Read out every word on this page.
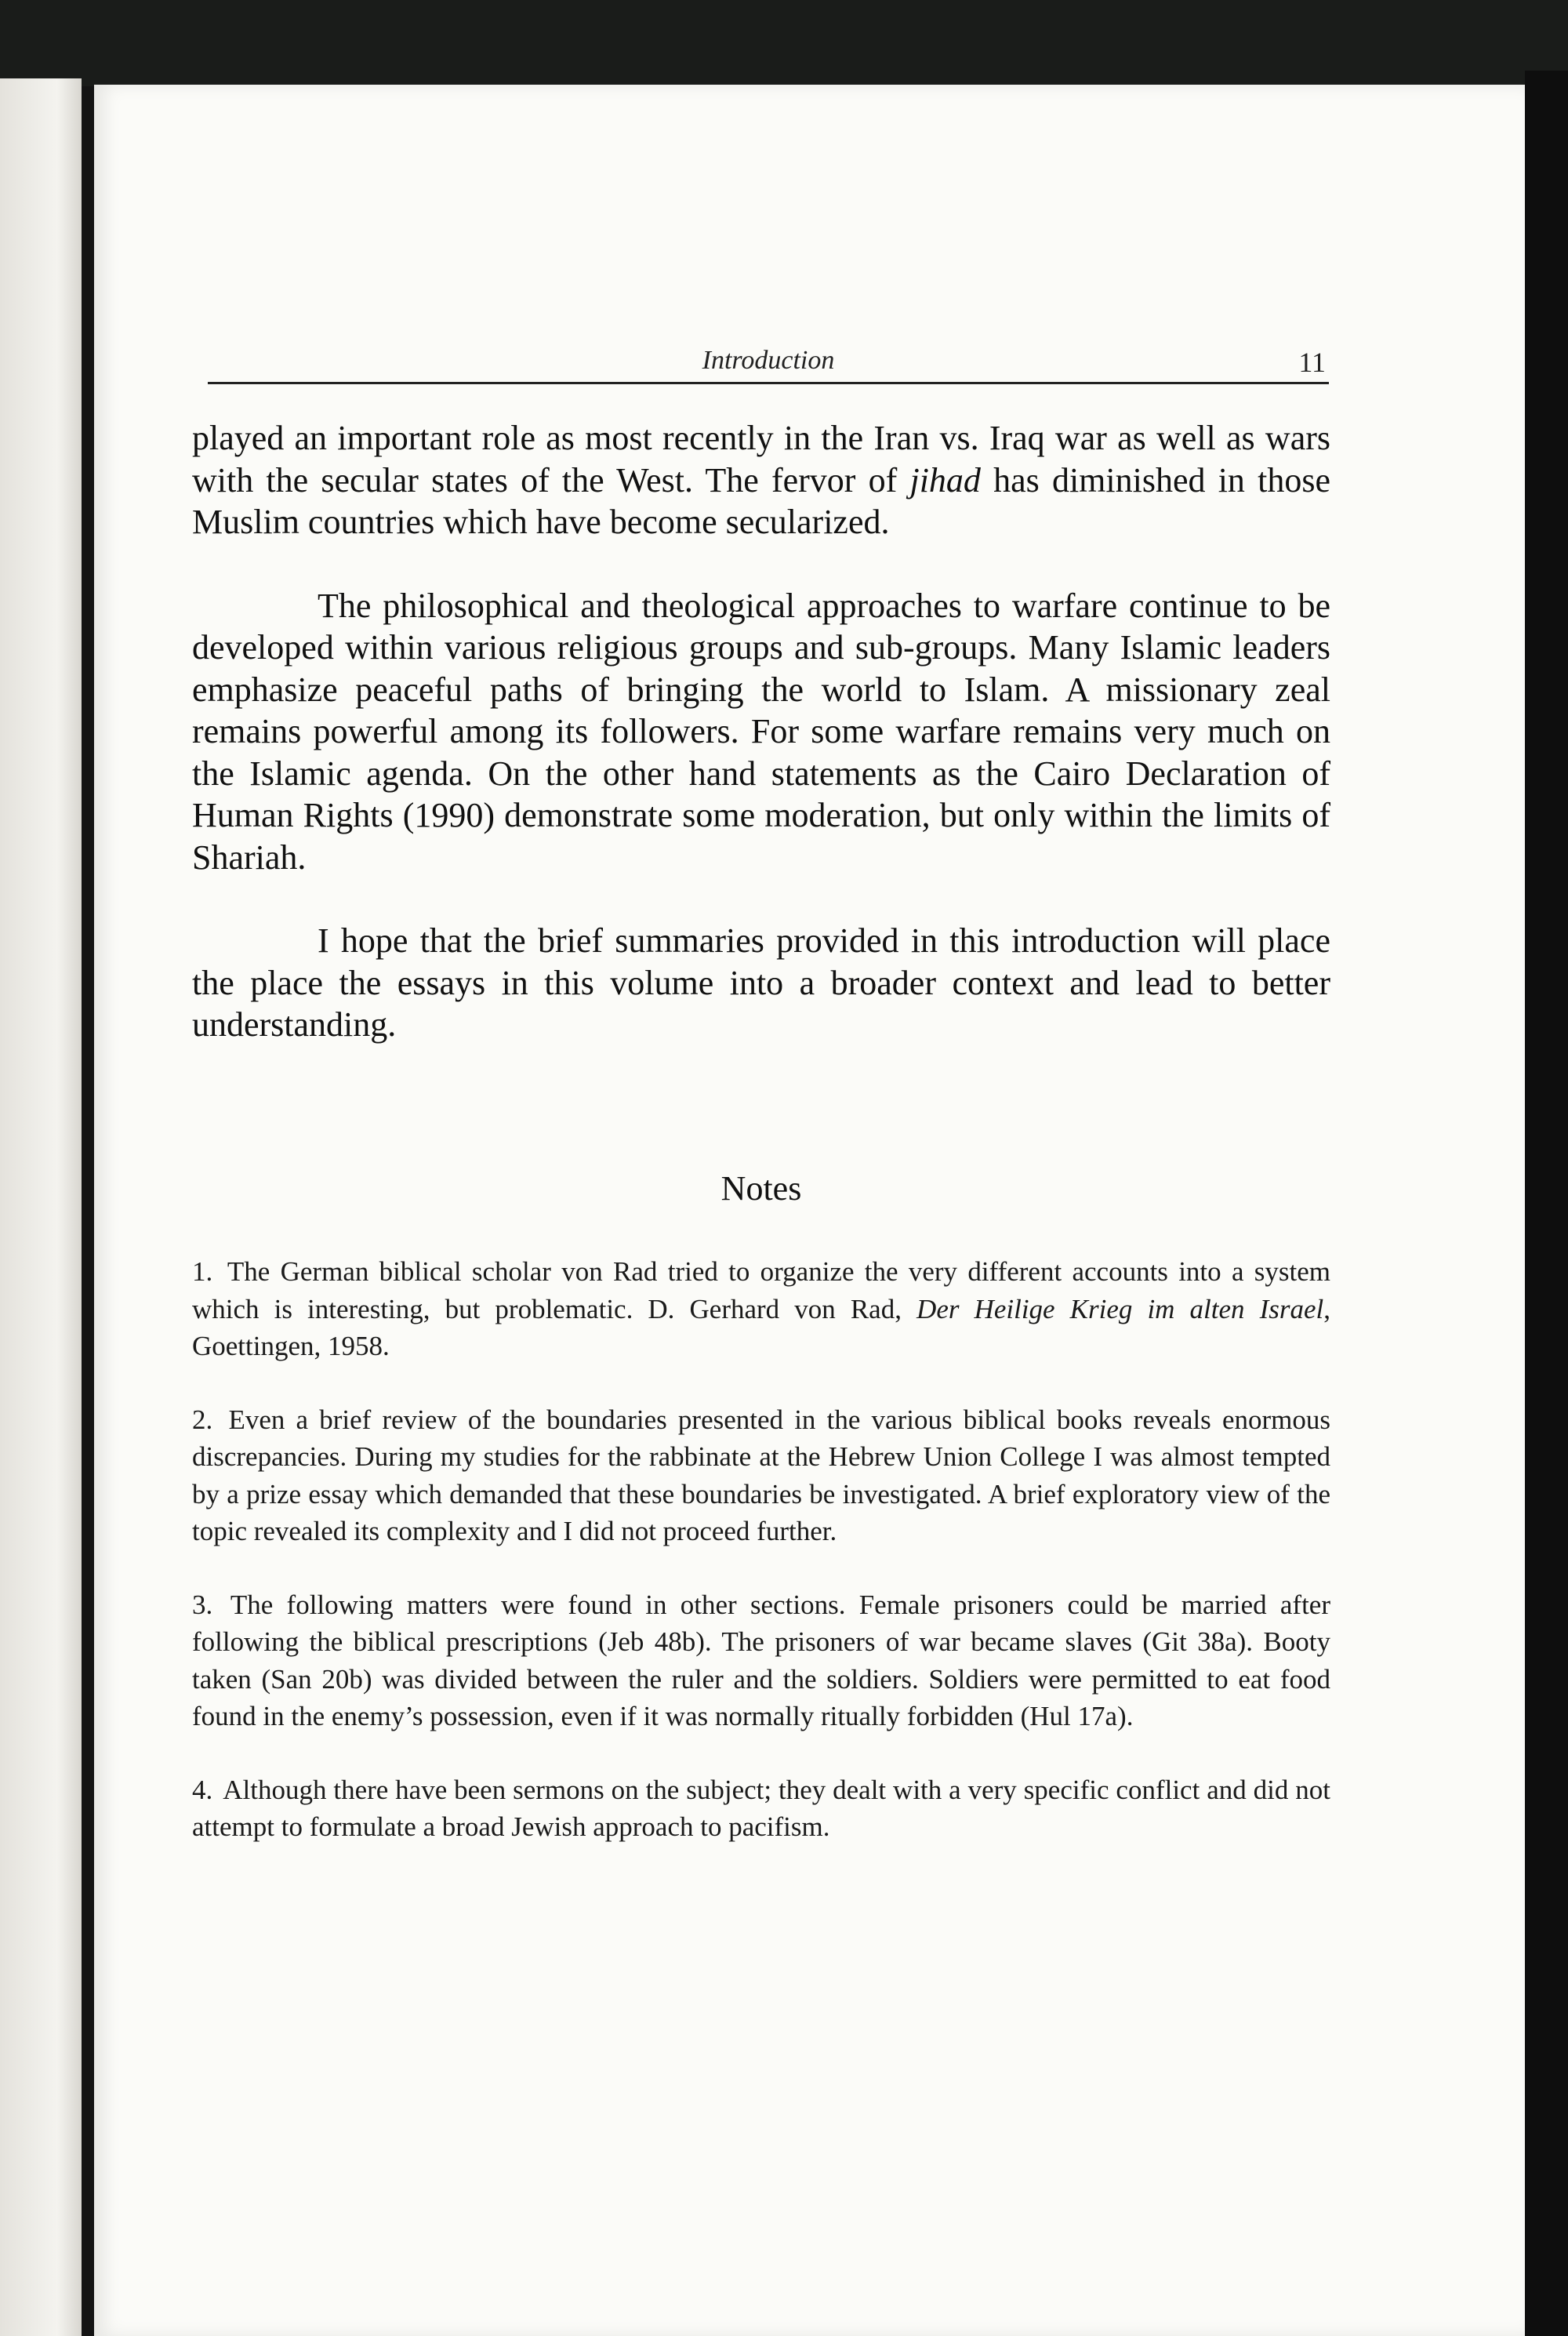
Introduction	11

played an important role as most recently in the Iran vs. Iraq war as well as wars with the secular states of the West. The fervor of jihad has diminished in those Muslim countries which have become secularized.

The philosophical and theological approaches to warfare continue to be developed within various religious groups and sub-groups. Many Islamic leaders emphasize peaceful paths of bringing the world to Islam. A missionary zeal remains powerful among its followers. For some warfare remains very much on the Islamic agenda. On the other hand statements as the Cairo Declaration of Human Rights (1990) demonstrate some moderation, but only within the limits of Shariah.

I hope that the brief summaries provided in this introduction will place the place the essays in this volume into a broader context and lead to better understanding.

Notes
1. The German biblical scholar von Rad tried to organize the very different accounts into a system which is interesting, but problematic. D. Gerhard von Rad, Der Heilige Krieg im alten Israel, Goettingen, 1958.
2. Even a brief review of the boundaries presented in the various biblical books reveals enormous discrepancies. During my studies for the rabbinate at the Hebrew Union College I was almost tempted by a prize essay which demanded that these boundaries be investigated. A brief exploratory view of the topic revealed its complexity and I did not proceed further.
3. The following matters were found in other sections. Female prisoners could be married after following the biblical prescriptions (Jeb 48b). The prisoners of war became slaves (Git 38a). Booty taken (San 20b) was divided between the ruler and the soldiers. Soldiers were permitted to eat food found in the enemy’s possession, even if it was normally ritually forbidden (Hul 17a).
4. Although there have been sermons on the subject; they dealt with a very specific conflict and did not attempt to formulate a broad Jewish approach to pacifism.
